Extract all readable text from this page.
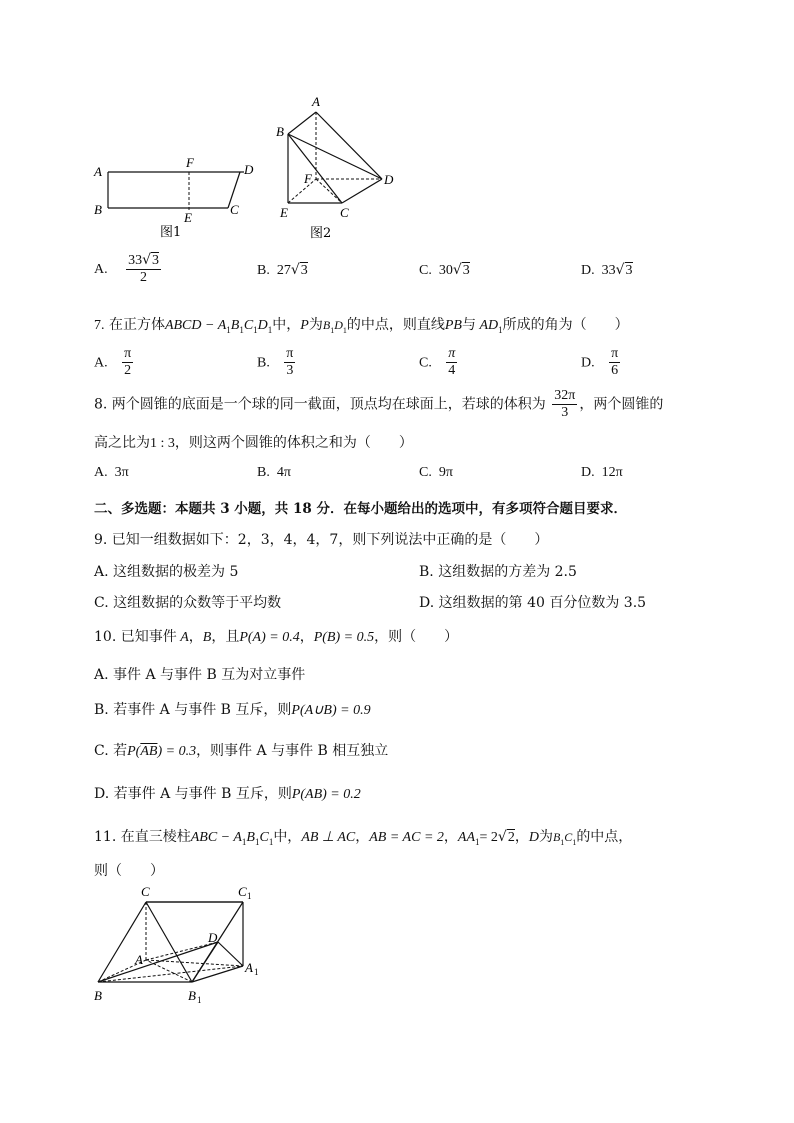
A
F	D
B
E
C
图1
A
B
F	D
E	C
图2
A. $\frac{33√3}{2}$	B. 27√3	C. 30√3	D. 33√3
7. 在正方体ABCD − $A_1B_1C_1D_1$中，P为$B_1D_1$的中点，则直线PB与 $AD_1$所成的角为（　　）
A. $\frac{\pi}{2}$	B. $\frac{\pi}{3}$	C. $\frac{\pi}{4}$	D. $\frac{\pi}{6}$
8. 两个圆锥的底面是一个球的同一截面，顶点均在球面上，若球的体积为 $\frac{32\pi}{3}$ ，两个圆锥的
高之比为1 : 3，则这两个圆锥的体积之和为（　　）
A. 3π	B. 4π	C. 9π	D. 12π
二、多选题：本题共 3 小题，共 18 分．在每小题给出的选项中，有多项符合题目要求．
9. 已知一组数据如下：2，3，4，4，7，则下列说法中正确的是（　　）
A. 这组数据的极差为 5	B. 这组数据的方差为 2.5
C. 这组数据的众数等于平均数	D. 这组数据的第 40 百分位数为 3.5
10. 已知事件 A，B，且P(A) = 0.4，P(B) = 0.5，则（　　）
A. 事件 A 与事件 B 互为对立事件
B. 若事件 A 与事件 B 互斥，则P(A∪B) = 0.9
C. 若$P(\overline{AB}) = 0.3$，则事件 A 与事件 B 相互独立
D. 若事件 A 与事件 B 互斥，则P(AB) = 0.2
11. 在直三棱柱ABC − $A_1B_1C_1$中，AB ⊥ AC，AB = AC = 2，$AA_1= 2√2$，D为$B_1C_1$的中点，
则（　　）
C	C 1
D
A
A 1
B	B 1
